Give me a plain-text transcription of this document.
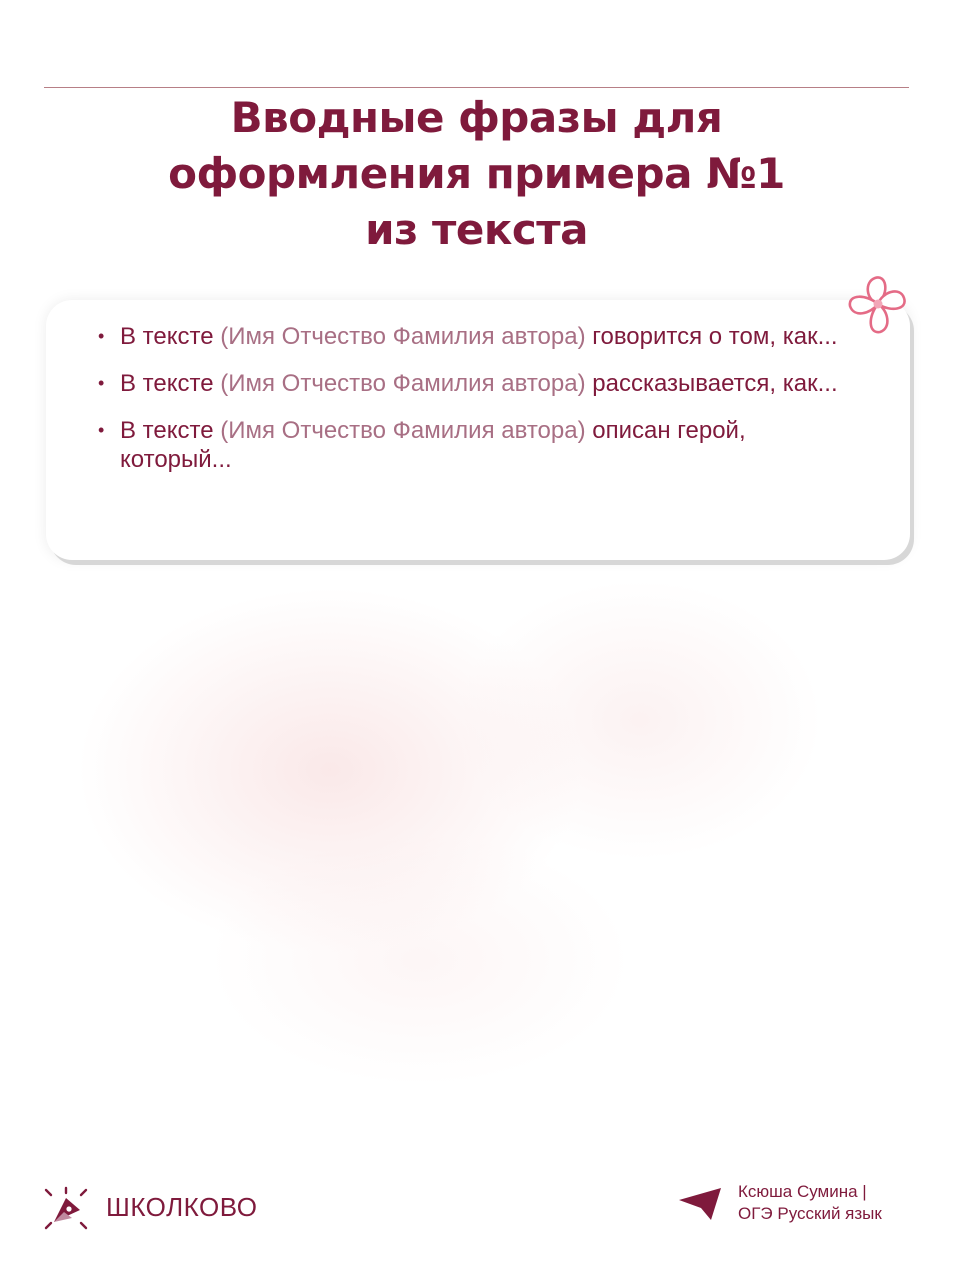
Вводные фразы для
оформления примера №1
из текста
• В тексте (Имя Отчество Фамилия автора) говорится о том, как...
• В тексте (Имя Отчество Фамилия автора) рассказывается, как...
• В тексте (Имя Отчество Фамилия автора) описан герой, который...
ШКОЛКОВО
Ксюша Сумина |
ОГЭ Русский язык
